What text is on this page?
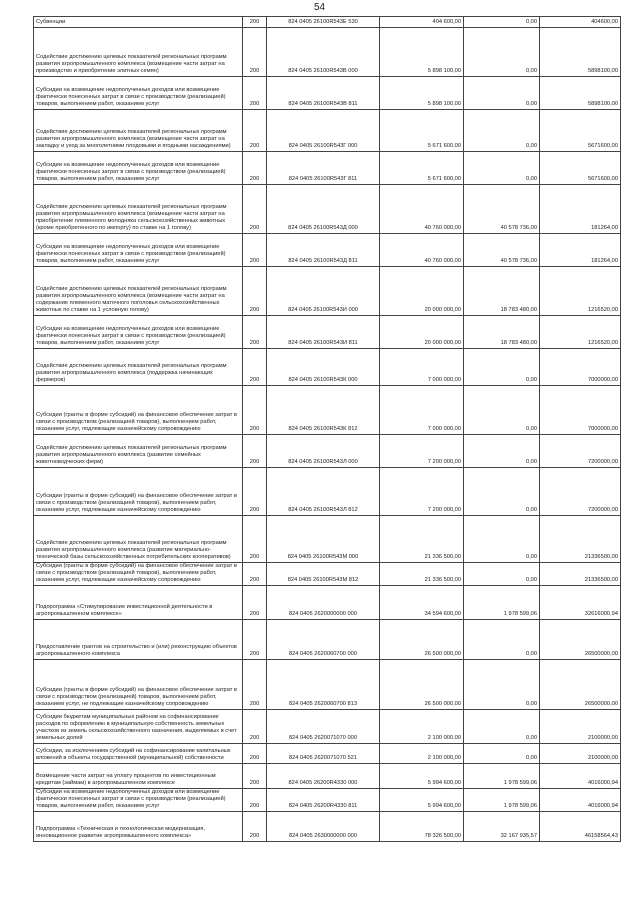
54
Субвенции	200	824 0405 26100R543Е 530	404 600,00	0,00	404600,00
Содействие достижению целевых показателей региональных программ развития агропромышленного комплекса (возмещение части затрат на производство и приобретение элитных семян)	200	824 0405 26100R543В 000	5 898 100,00	0,00	5898100,00
Субсидии на возмещение недополученных доходов или возмещение фактически понесенных затрат в связи с производством (реализацией) товаров, выполнением работ, оказанием услуг	200	824 0405 26100R543В 811	5 898 100,00	0,00	5898100,00
Содействие достижению целевых показателей региональных программ развития агропромышленного комплекса (возмещение части затрат на закладку и уход за многолетними плодовыми и ягодными насаждениями)	200	824 0405 26100R543Г 000	5 671 600,00	0,00	5671600,00
Субсидии на возмещение недополученных доходов или возмещение фактически понесенных затрат в связи с производством (реализацией) товаров, выполнением работ, оказанием услуг	200	824 0405 26100R543Г 811	5 671 600,00	0,00	5671600,00
Содействие достижению целевых показателей региональных программ развития агропромышленного комплекса (возмещение части затрат на приобретение племенного молодняка сельскохозяйственных животных (кроме приобретенного по импорту) по ставке на 1 голову)	200	824 0405 26100R543Д 000	40 760 000,00	40 578 736,00	181264,00
Субсидии на возмещение недополученных доходов или возмещение фактически понесенных затрат в связи с производством (реализацией) товаров, выполнением работ, оказанием услуг	200	824 0405 26100R543Д 811	40 760 000,00	40 578 736,00	181264,00
Содействие достижению целевых показателей региональных программ развития агропромышленного комплекса (возмещение части затрат на содержание племенного маточного поголовья сельскохозяйственных животных по ставке на 1 условную голову)	200	824 0405 26100R543И 000	20 000 000,00	18 783 480,00	1216520,00
Субсидии на возмещение недополученных доходов или возмещение фактически понесенных затрат в связи с производством (реализацией) товаров, выполнением работ, оказанием услуг	200	824 0405 26100R543И 811	20 000 000,00	18 783 480,00	1216520,00
Содействие достижению целевых показателей региональных программ развития агропромышленного комплекса (поддержка начинающих фермеров)	200	824 0405 26100R543К 000	7 000 000,00	0,00	7000000,00
Субсидии (гранты в форме субсидий) на финансовое обеспечение затрат в связи с производством (реализацией товаров), выполнением работ, оказанием услуг, подлежащие казначейскому сопровождению	200	824 0405 26100R543К 812	7 000 000,00	0,00	7000000,00
Содействие достижению целевых показателей региональных программ развития агропромышленного комплекса (развитие семейных животноводческих ферм)	200	824 0405 26100R543Л 000	7 200 000,00	0,00	7200000,00
Субсидии (гранты в форме субсидий) на финансовое обеспечение затрат в связи с производством (реализацией товаров), выполнением работ, оказанием услуг, подлежащие казначейскому сопровождению	200	824 0405 26100R543Л 812	7 200 000,00	0,00	7200000,00
Содействие достижению целевых показателей региональных программ развития агропромышленного комплекса (развитие материально-технической базы сельскохозяйственных потребительских кооперативов)	200	824 0405 26100R543М 000	21 336 500,00	0,00	21336500,00
Субсидии (гранты в форме субсидий) на финансовое обеспечение затрат в связи с производством (реализацией товаров), выполнением работ, оказанием услуг, подлежащие казначейскому сопровождению	200	824 0405 26100R543М 812	21 336 500,00	0,00	21336500,00
Подпрограмма «Стимулирование инвестиционной деятельности в агропромышленном комплексе»	200	824 0405 2620000000 000	34 594 600,00	1 978 599,06	32616000,94
Предоставление грантов на строительство и (или) реконструкцию объектов агропромышленного комплекса	200	824 0405 2620060700 000	26 500 000,00	0,00	26500000,00
Субсидии (гранты в форме субсидий) на финансовое обеспечение затрат в связи с производством (реализацией) товаров, выполнением работ, оказанием услуг, не подлежащие казначейскому сопровождению	200	824 0405 2620060700 813	26 500 000,00	0,00	26500000,00
Субсидии бюджетам муниципальных районов на софинансирование расходов по оформлению в муниципальную собственность земельных участков из земель сельскохозяйственного назначения, выделяемых в счет земельных долей	200	824 0405 2620071070 000	2 100 000,00	0,00	2100000,00
Субсидии, за исключением субсидий на софинансирование капитальных вложений в объекты государственной (муниципальной) собственности	200	824 0405 2620071070 521	2 100 000,00	0,00	2100000,00
Возмещение части затрат на уплату процентов по инвестиционным кредитам (займам) в агропромышленном комплексе	200	824 0405 26200R4330 000	5 994 600,00	1 978 599,06	4016000,94
Субсидии на возмещение недополученных доходов или возмещение фактически понесенных затрат в связи с производством (реализацией) товаров, выполнением работ, оказанием услуг	200	824 0405 26200R4330 811	5 994 600,00	1 978 599,06	4016000,94
Подпрограмма «Техническая и технологическая модернизация, инновационное развитие агропромышленного комплекса»	200	824 0405 2630000000 000	78 326 500,00	32 167 935,57	46158564,43
